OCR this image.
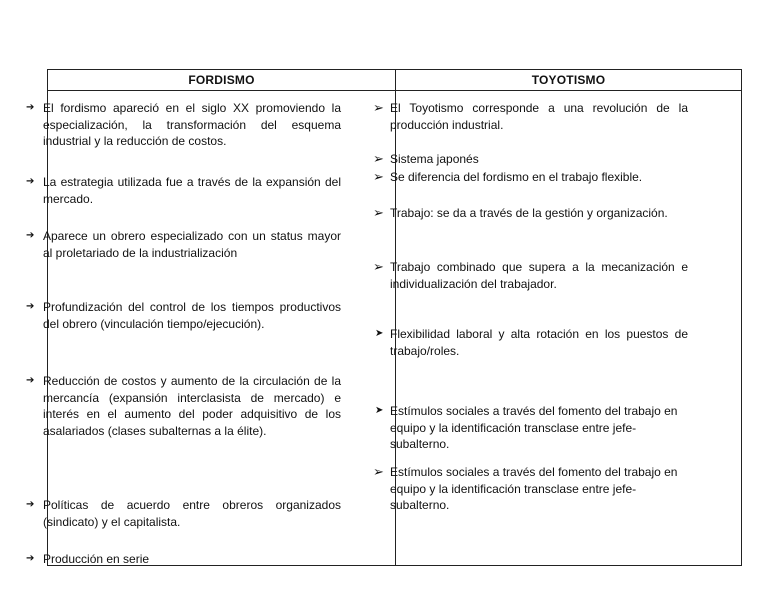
FORDISMO	TOYOTISMO
➔ El fordismo apareció en el siglo XX promoviendo la especialización, la transformación del esquema industrial y la reducción de costos.
➔ La estrategia utilizada fue a través de la expansión del mercado.
➔ Aparece un obrero especializado con un status mayor al proletariado de la industrialización
➔ Profundización del control de los tiempos productivos del obrero (vinculación tiempo/ejecución).
➔ Reducción de costos y aumento de la circulación de la mercancía (expansión interclasista de mercado) e interés en el aumento del poder adquisitivo de los asalariados (clases subalternas a la élite).
➔ Políticas de acuerdo entre obreros organizados (sindicato) y el capitalista.
➔ Producción en serie
➢ El Toyotismo corresponde a una revolución de la producción industrial.
➢ Sistema japonés
➢ Se diferencia del fordismo en el trabajo flexible.
➢ Trabajo: se da a través de la gestión y organización.
➢ Trabajo combinado que supera a la mecanización e individualización del trabajador.
➤ Flexibilidad laboral y alta rotación en los puestos de trabajo/roles.
➤ Estímulos sociales a través del fomento del trabajo en equipo y la identificación transclase entre jefe-subalterno.
➢ Estímulos sociales a través del fomento del trabajo en equipo y la identificación transclase entre jefe-subalterno.
